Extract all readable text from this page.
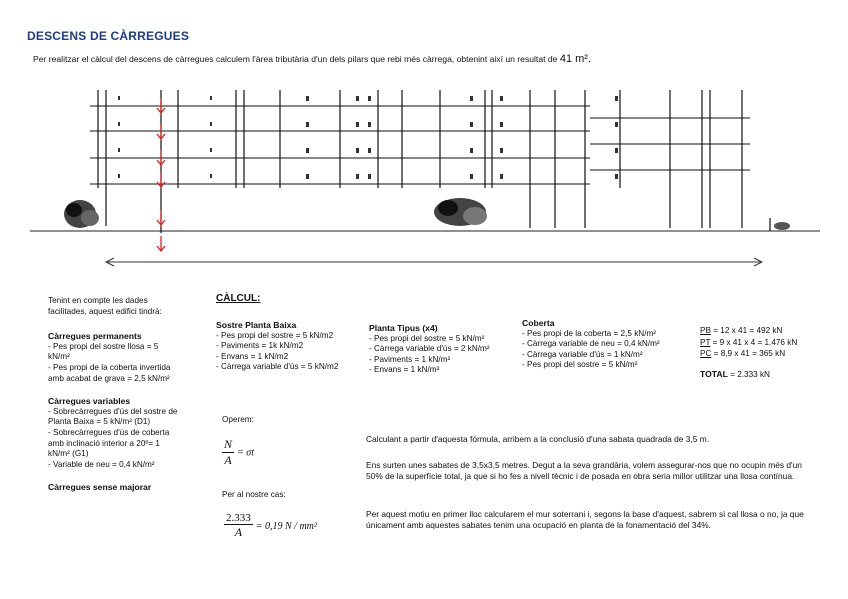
DESCENS DE CÀRREGUES
Per realitzar el càlcul del descens de càrregues calculem l'àrea tributària d'un dels pilars que rebi més càrrega, obtenint així un resultat de 41 m².
Tenint en compte les dades
facilitades, aquest edifici tindrà:
Càrregues permanents
- Pes propi del sostre llosa = 5
kN/m²
- Pes propi de la coberta invertida
amb acabat de grava = 2,5 kN/m²
Càrregues variables
- Sobrecàrregues d'ús del sostre de
Planta Baixa = 5 kN/m² (D1)
- Sobrecàrregues d'ús de coberta
amb inclinació interior a 20º= 1
kN/m² (G1)
- Variable de neu = 0,4 kN/m²
Càrregues sense majorar
CÀLCUL:
Sostre Planta Baixa
- Pes propi del sostre = 5 kN/m2
- Paviments = 1k kN/m2
- Envans = 1 kN/m2
- Càrrega variable d'ús = 5 kN/m2
Planta Tipus (x4)
- Pes propi del sostre = 5 kN/m²
- Càrrega variable d'ús = 2 kN/m²
- Paviments = 1 kN/m²
- Envans = 1 kN/m²
Coberta
- Pes propi de la coberta = 2,5 kN/m²
- Càrrega variable de neu = 0,4 kN/m²
- Càrrega variable d'ús = 1 kN/m²
- Pes propi del sostre = 5 kN/m²
PB = 12 x 41 = 492 kN
PT = 9 x 41 x 4 = 1.476 kN
PC = 8,9 x 41 = 365 kN
TOTAL = 2.333 kN
Operem:
$\frac{N}{A} = \sigma t$
Per al nostre cas:
$\frac{2.333}{A} = 0,19$ N / mm²
Calculant a partir d'aquesta fórmula, arribem a la conclusió d'una sabata quadrada de 3,5 m.
Ens surten unes sabates de 3,5x3,5 metres. Degut a la seva grandària, volem assegurar-nos que no ocupin més d'un 50% de la superfície total, ja que si ho fes a nivell tècnic i de posada en obra seria millor utilitzar una llosa contínua.
Per aquest motiu en primer lloc calcularem el mur soterrani i, segons la base d'aquest, sabrem si cal llosa o no, ja que únicament amb aquestes sabates tenim una ocupació en planta de la fonamentació del 34%.
